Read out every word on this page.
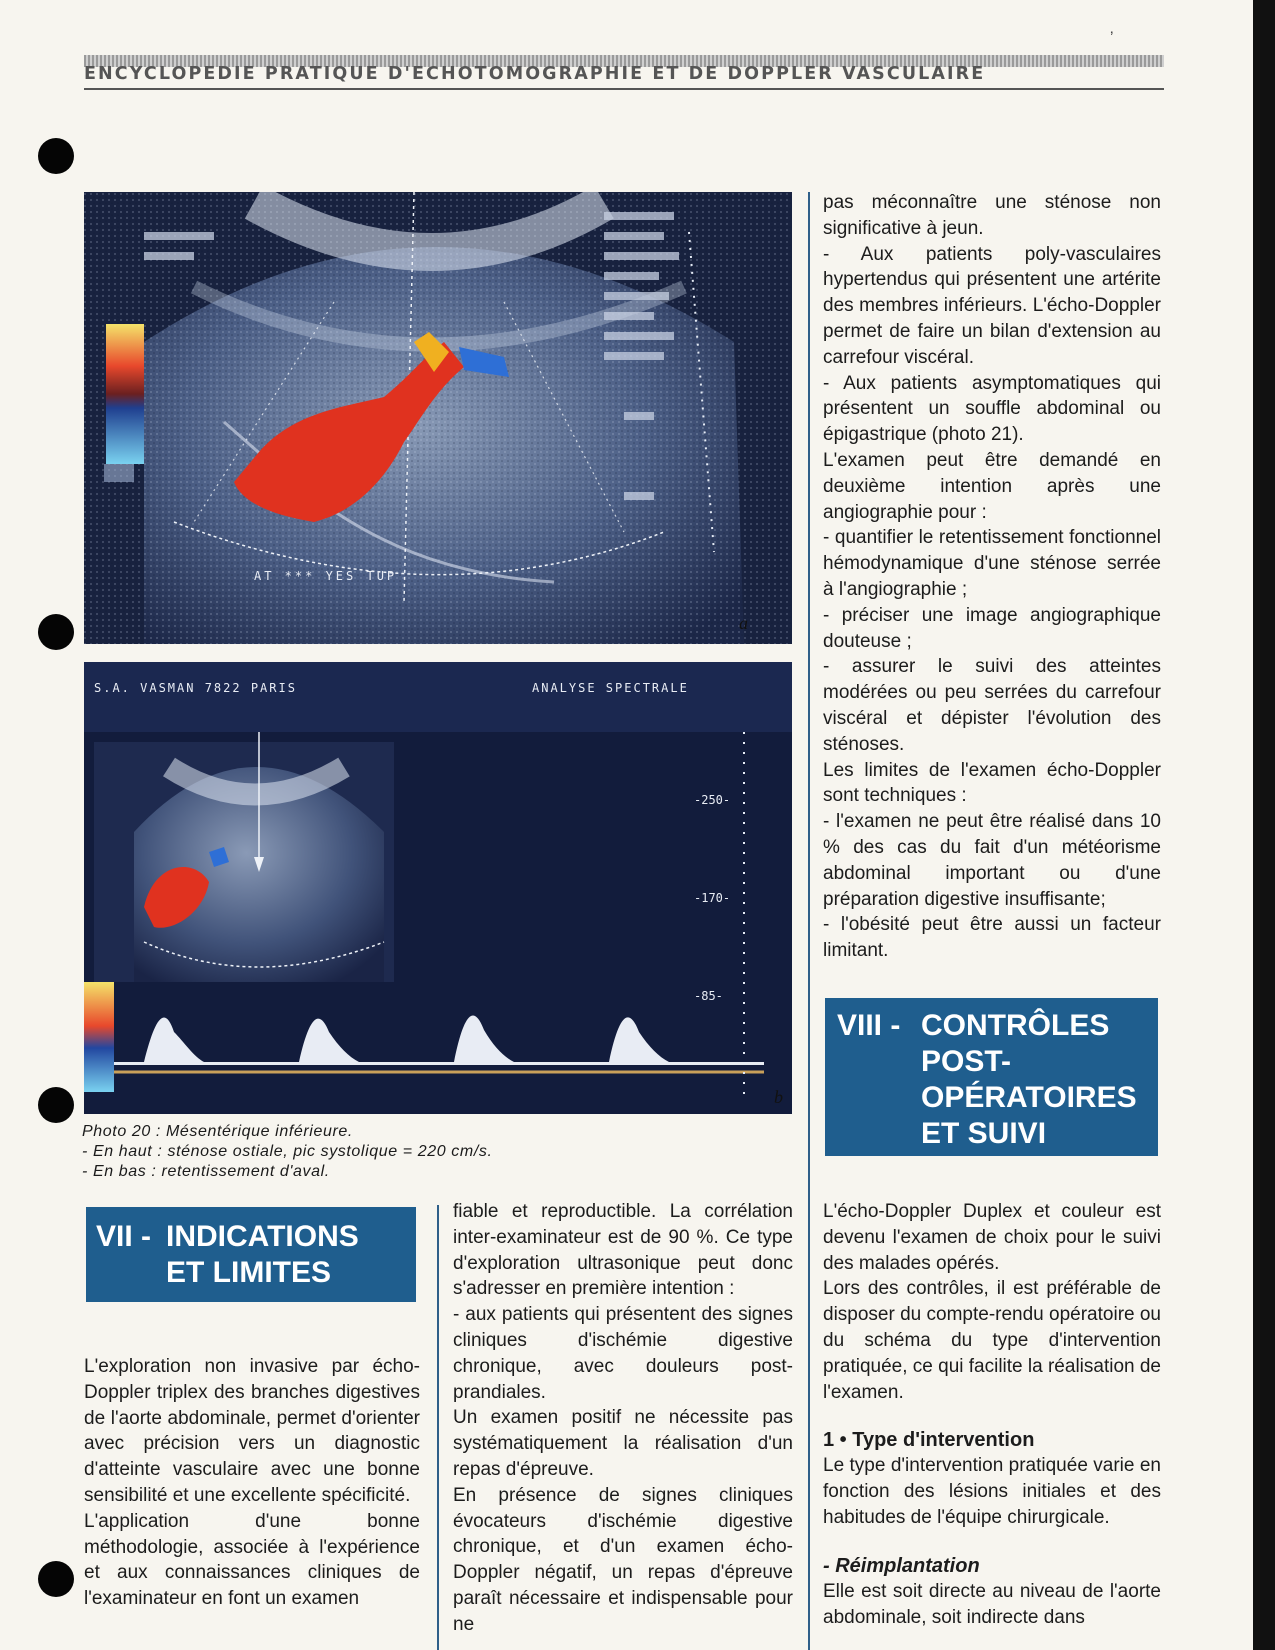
ʼ
ENCYCLOPEDIE PRATIQUE D'ECHOTOMOGRAPHIE ET DE DOPPLER VASCULAIRE
AT *** YES TUP
a
S.A. VASMAN 7822 PARIS	ANALYSE SPECTRALE
-250-
-170-
-85-
b
Photo 20 : Mésentérique inférieure.
- En haut : sténose ostiale, pic systolique = 220 cm/s.
- En bas : retentissement d'aval.
VII - INDICATIONS
ET LIMITES
VIII - CONTRÔLES
POST-
OPÉRATOIRES
ET SUIVI

L'exploration non invasive par écho-Doppler triplex des branches digestives de l'aorte abdominale, permet d'orienter avec précision vers un diagnostic d'atteinte vasculaire avec une bonne sensibilité et une excellente spécificité.

L'application d'une bonne méthodologie, associée à l'expérience et aux connaissances cliniques de l'examinateur en font un examen

fiable et reproductible. La corrélation inter-examinateur est de 90 %. Ce type d'exploration ultrasonique peut donc s'adresser en première intention :

- aux patients qui présentent des signes cliniques d'ischémie digestive chronique, avec douleurs post-prandiales.

Un examen positif ne nécessite pas systématiquement la réalisation d'un repas d'épreuve.

En présence de signes cliniques évocateurs d'ischémie digestive chronique, et d'un examen écho-Doppler négatif, un repas d'épreuve paraît nécessaire et indispensable pour ne

pas méconnaître une sténose non significative à jeun.

- Aux patients poly-vasculaires hypertendus qui présentent une artérite des membres inférieurs. L'écho-Doppler permet de faire un bilan d'extension au carrefour viscéral.

- Aux patients asymptomatiques qui présentent un souffle abdominal ou épigastrique (photo 21).

L'examen peut être demandé en deuxième intention après une angiographie pour :

- quantifier le retentissement fonctionnel hémodynamique d'une sténose serrée à l'angiographie ;

- préciser une image angiographique douteuse ;

- assurer le suivi des atteintes modérées ou peu serrées du carrefour viscéral et dépister l'évolution des sténoses.

Les limites de l'examen écho-Doppler sont techniques :

- l'examen ne peut être réalisé dans 10 % des cas du fait d'un météorisme abdominal important ou d'une préparation digestive insuffisante;

- l'obésité peut être aussi un facteur limitant.

L'écho-Doppler Duplex et couleur est devenu l'examen de choix pour le suivi des malades opérés.

Lors des contrôles, il est préférable de disposer du compte-rendu opératoire ou du schéma du type d'intervention pratiquée, ce qui facilite la réalisation de l'examen.

1 • Type d'intervention

Le type d'intervention pratiquée varie en fonction des lésions initiales et des habitudes de l'équipe chirurgicale.

- Réimplantation

Elle est soit directe au niveau de l'aorte abdominale, soit indirecte dans
